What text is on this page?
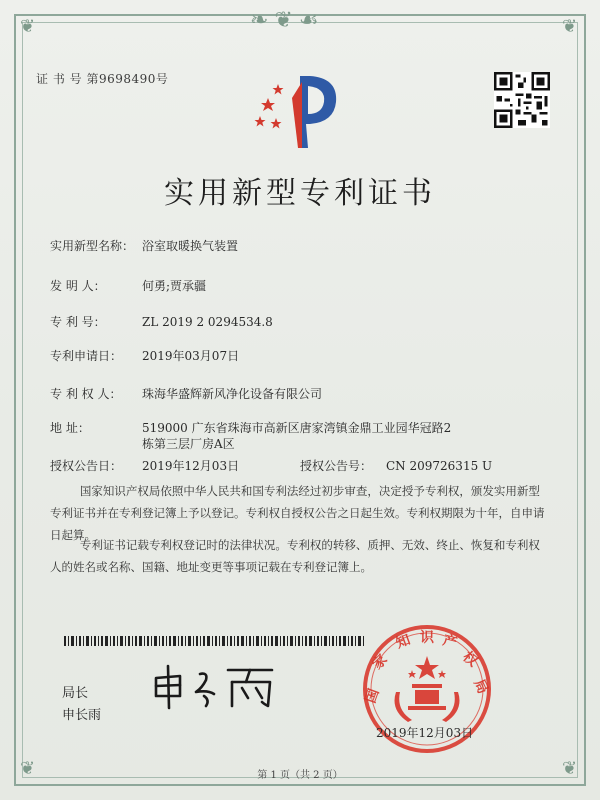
❦	❦
❦	❦
❧❦☙
证 书 号 第9698490号
实用新型专利证书
实用新型名称： 浴室取暖换气装置
发 明 人：	何勇;贾承疆
专 利 号：	ZL 2019 2 0294534.8
专利申请日： 2019年03月07日
专 利 权 人： 珠海华盛辉新风净化设备有限公司
地 址：	519000 广东省珠海市高新区唐家湾镇金鼎工业园华冠路2
栋第三层厂房A区
授权公告日： 2019年12月03日	授权公告号： CN 209726315 U
国家知识产权局依照中华人民共和国专利法经过初步审查，决定授予专利权，颁发实用新型专利证书并在专利登记簿上予以登记。专利权自授权公告之日起生效。专利权期限为十年，自申请日起算。
专利证书记载专利权登记时的法律状况。专利权的转移、质押、无效、终止、恢复和专利权人的姓名或名称、国籍、地址变更等事项记载在专利登记簿上。
局长
申长雨
国
家
知 识 产
权
局
2019年12月03日
第 1 页（共 2 页）
